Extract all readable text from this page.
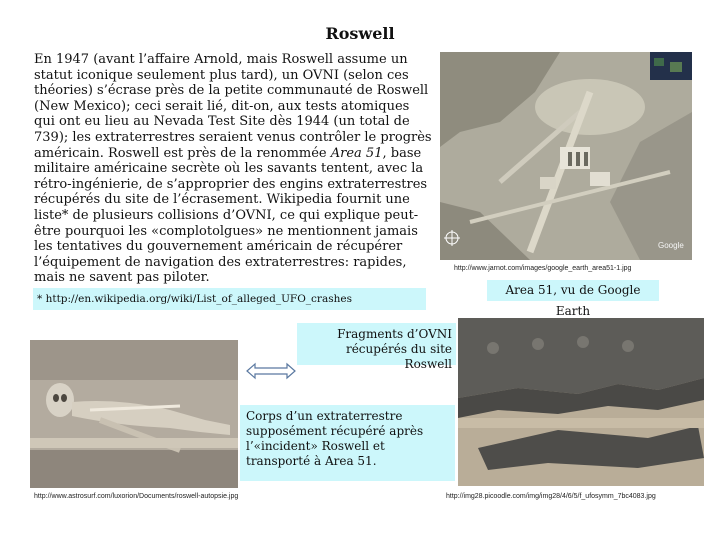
Roswell
En 1947 (avant l’affaire Arnold, mais Roswell assume un statut iconique seulement plus tard), un OVNI (selon ces théories) s’écrase près de la petite communauté de Roswell (New Mexico); ceci serait lié, dit-on, aux tests atomiques qui ont eu lieu au Nevada Test Site dès 1944 (un total de 739); les extraterrestres seraient venus contrôler le progrès américain. Roswell est près de la renommée Area 51, base militaire américaine secrète où les savants tentent, avec la rétro-ingénierie, de s’approprier des engins extraterrestres récupérés du site de l’écrasement. Wikipedia fournit une liste* de plusieurs collisions d’OVNI, ce qui explique peut-être pourquoi les «complotolgues» ne mentionnent jamais les tentatives du gouvernement américain de récupérer l’équipement de navigation des extraterrestres: rapides, mais ne savent pas piloter.
* http://en.wikipedia.org/wiki/List_of_alleged_UFO_crashes
Google
http://www.jarnot.com/images/google_earth_area51-1.jpg
Area 51, vu de Google Earth
Fragments d’OVNI récupérés du site Roswell
http://www.astrosurf.com/luxorion/Documents/roswell-autopsie.jpg
Corps d’un extraterrestre supposément récupéré après l’«incident» Roswell et transporté à Area 51.
http://img28.picoodle.com/img/img28/4/6/5/f_ufosymm_7bc4083.jpg
